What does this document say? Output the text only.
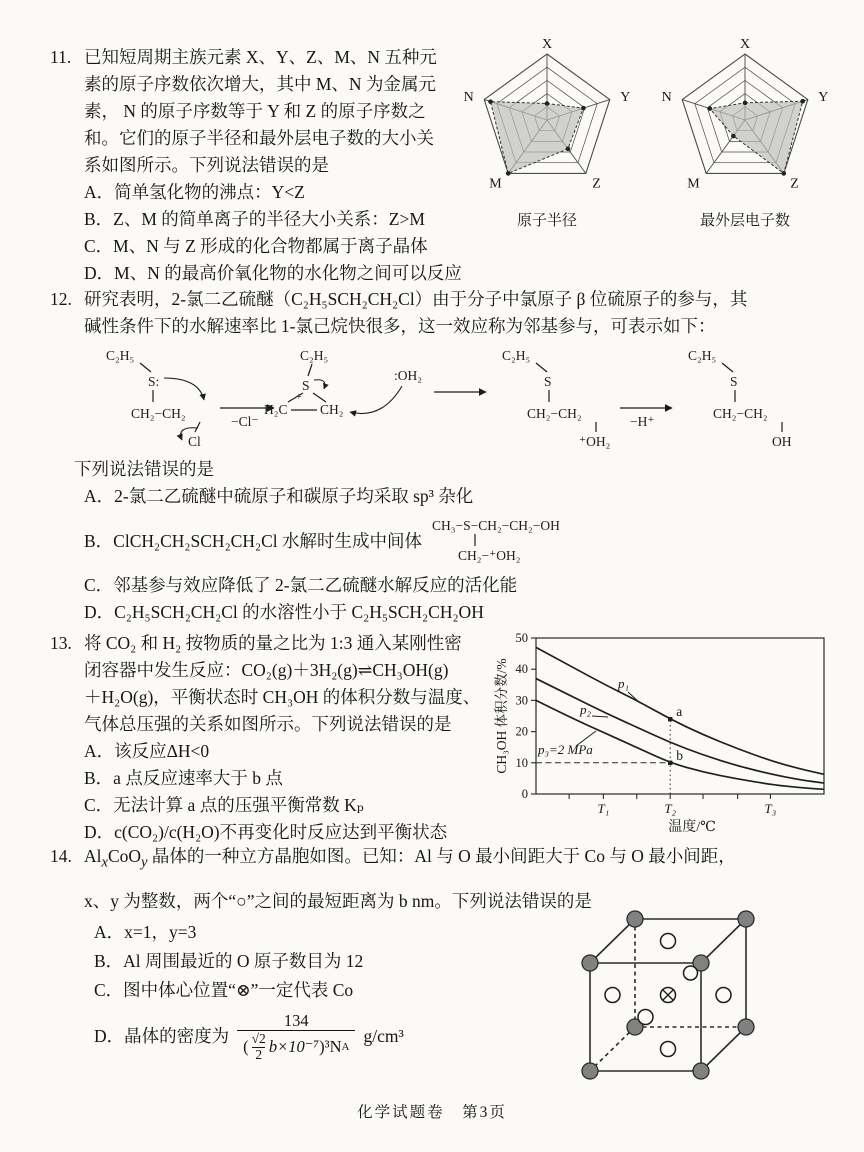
11. 已知短周期主族元素 X、Y、Z、M、N 五种元
素的原子序数依次增大，其中 M、N 为金属元
素， N 的原子序数等于 Y 和 Z 的原子序数之
和。它们的原子半径和最外层电子数的大小关
系如图所示。下列说法错误的是
A．简单氢化物的沸点：Y<Z
B．Z、M 的简单离子的半径大小关系：Z>M
C．M、N 与 Z 形成的化合物都属于离子晶体
D．M、N 的最高价氧化物的水化物之间可以反应
X
Y
Z
M
N
原子半径
X
Y
Z
M
N
最外层电子数
12. 研究表明，2-氯二乙硫醚（C₂H₅SCH₂CH₂Cl）由于分子中氯原子 β 位硫原子的参与，其
碱性条件下的水解速率比 1-氯己烷快很多，这一效应称为邻基参与，可表示如下：
C₂H₅
S:
CH₂−CH₂
Cl
−Cl⁻
C₂H₅
S
+
H₂C CH₂
:OH₂
C₂H₅
S
CH₂−CH₂
⁺OH₂
−H⁺
C₂H₅
S
CH₂−CH₂
OH
下列说法错误的是
A．2-氯二乙硫醚中硫原子和碳原子均采取 sp³ 杂化
B．ClCH₂CH₂SCH₂CH₂Cl 水解时生成中间体
CH₃−S−CH₂−CH₂−OH
CH₂−⁺OH₂
C．邻基参与效应降低了 2-氯二乙硫醚水解反应的活化能
D．C₂H₅SCH₂CH₂Cl 的水溶性小于 C₂H₅SCH₂CH₂OH
13. 将 CO₂ 和 H₂ 按物质的量之比为 1:3 通入某刚性密
闭容器中发生反应：CO₂(g)＋3H₂(g)⇌CH₃OH(g)
＋H₂O(g)，平衡状态时 CH₃OH 的体积分数与温度、
气体总压强的关系如图所示。下列说法错误的是
A．该反应ΔH<0
B．a 点反应速率大于 b 点
C．无法计算 a 点的压强平衡常数 Kₚ
D．c(CO₂)/c(H₂O)不再变化时反应达到平衡状态
0
10
20
30
40
50
T₁	T₂	T₃
温度/℃
CH₃OH 体积分数/%	p₁
p₂
p₃=2 MPa
a
b
14. $Al_xCoO_y$ 晶体的一种立方晶胞如图。已知：Al 与 O 最小间距大于 Co 与 O 最小间距，
x、y 为整数，两个“○”之间的最短距离为 b nm。下列说法错误的是
A．x=1，y=3
B．Al 周围最近的 O 原子数目为 12
C．图中体心位置“⊗”一定代表 Co
D．晶体的密度为 134
( √2
2 b×10⁻⁷ )³N A g/cm³
化学试题卷　第3页
